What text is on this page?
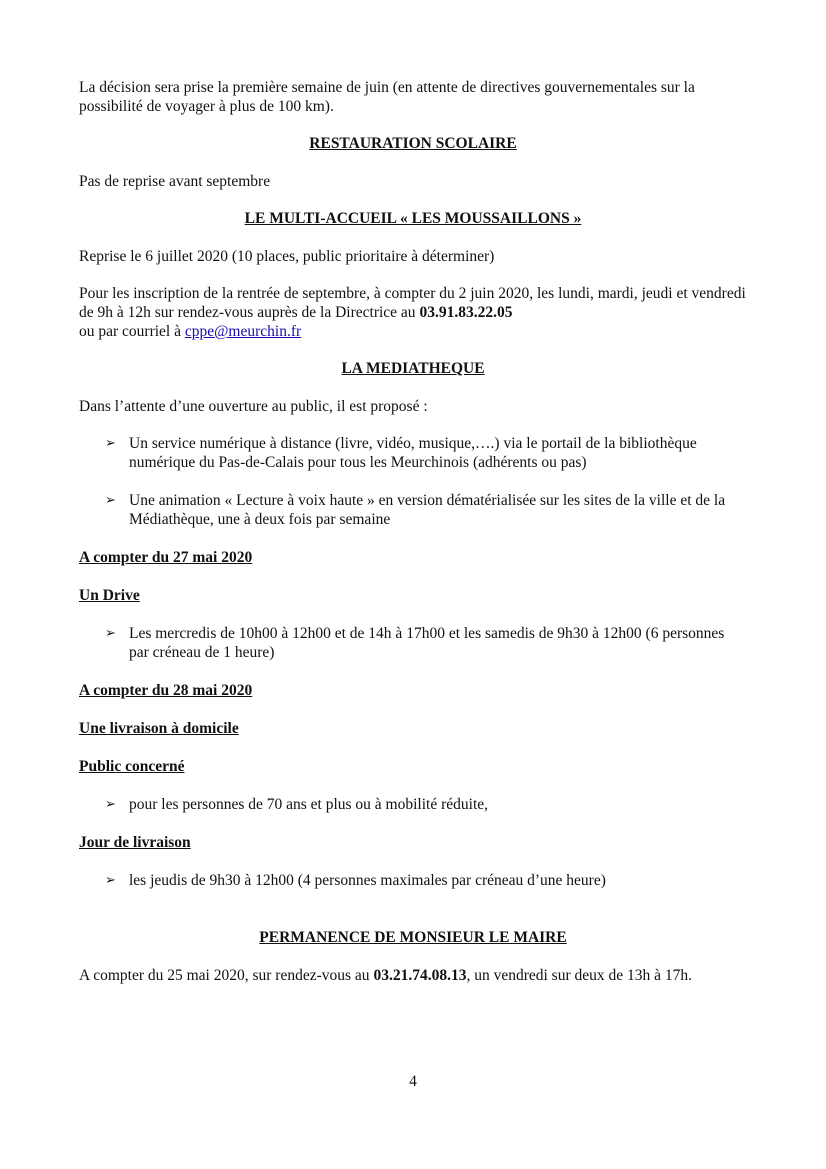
La décision sera prise la première semaine de juin (en attente de directives gouvernementales sur la possibilité de voyager à plus de 100 km).

RESTAURATION SCOLAIRE

Pas de reprise avant septembre

LE MULTI-ACCUEIL « LES MOUSSAILLONS »

Reprise le 6 juillet 2020 (10 places, public prioritaire à déterminer)

Pour les inscription de la rentrée de septembre, à compter du 2 juin 2020, les lundi, mardi, jeudi et vendredi de 9h à 12h sur rendez-vous auprès de la Directrice au 03.91.83.22.05
ou par courriel à cppe@meurchin.fr

LA MEDIATHEQUE

Dans l’attente d’une ouverture au public, il est proposé :

➢ Un service numérique à distance (livre, vidéo, musique,….) via le portail de la bibliothèque numérique du Pas-de-Calais pour tous les Meurchinois (adhérents ou pas)
➢ Une animation « Lecture à voix haute » en version dématérialisée sur les sites de la ville et de la Médiathèque, une à deux fois par semaine

A compter du 27 mai 2020

Un Drive

➢ Les mercredis de 10h00 à 12h00 et de 14h à 17h00 et les samedis de 9h30 à 12h00 (6 personnes par créneau de 1 heure)

A compter du 28 mai 2020

Une livraison à domicile

Public concerné

➢ pour les personnes de 70 ans et plus ou à mobilité réduite,

Jour de livraison

➢ les jeudis de 9h30 à 12h00 (4 personnes maximales par créneau d’une heure)

PERMANENCE DE MONSIEUR LE MAIRE

A compter du 25 mai 2020, sur rendez-vous au 03.21.74.08.13, un vendredi sur deux de 13h à 17h.

4
